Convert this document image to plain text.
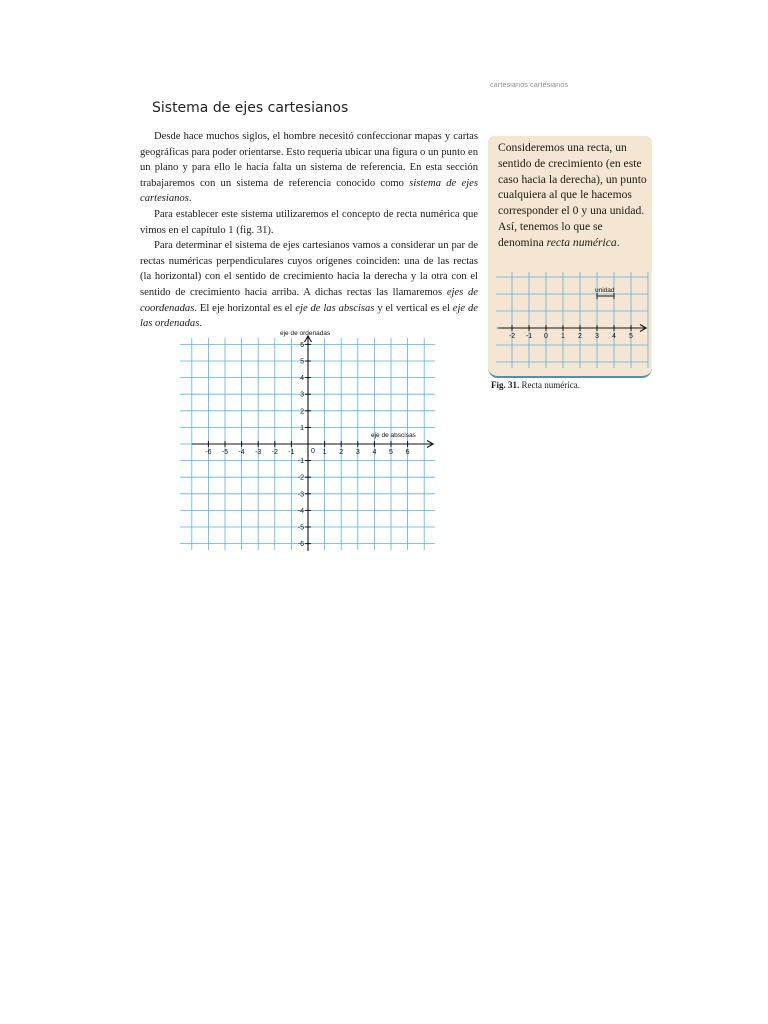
cartesianos cartesianos
Sistema de ejes cartesianos

Desde hace muchos siglos, el hombre necesitó confeccionar mapas y cartas geográficas para poder orientarse. Esto requería ubicar una figura o un punto en un plano y para ello le hacía falta un sistema de referencia. En esta sección trabajaremos con un sistema de referencia conocido como sistema de ejes cartesianos.

Para establecer este sistema utilizaremos el concepto de recta numérica que vimos en el capítulo 1 (fig. 31).

Para determinar el sistema de ejes cartesianos vamos a considerar un par de rectas numéricas perpendiculares cuyos orígenes coinciden: una de las rectas (la horizontal) con el sentido de crecimiento hacia la derecha y la otra con el sentido de crecimiento hacia arriba. A dichas rectas las llamaremos ejes de coordenadas. El eje horizontal es el eje de las abscisas y el vertical es el eje de las ordenadas.

-6 -5 -4 -3 -2 -1	1 2 3 4 5 6
6
5
4
3
2
1
-1
-2
-3
-4
-5
-6
eje de ordenadas
eje de abscisas
0

Consideremos una recta, un sentido de crecimiento (en este caso hacia la derecha), un punto cualquiera al que le hacemos corresponder el 0 y una unidad. Así, tenemos lo que se denomina recta numérica.

-2 -1 0 1 2 3 4 5
unidad
Fig. 31. Recta numérica.
